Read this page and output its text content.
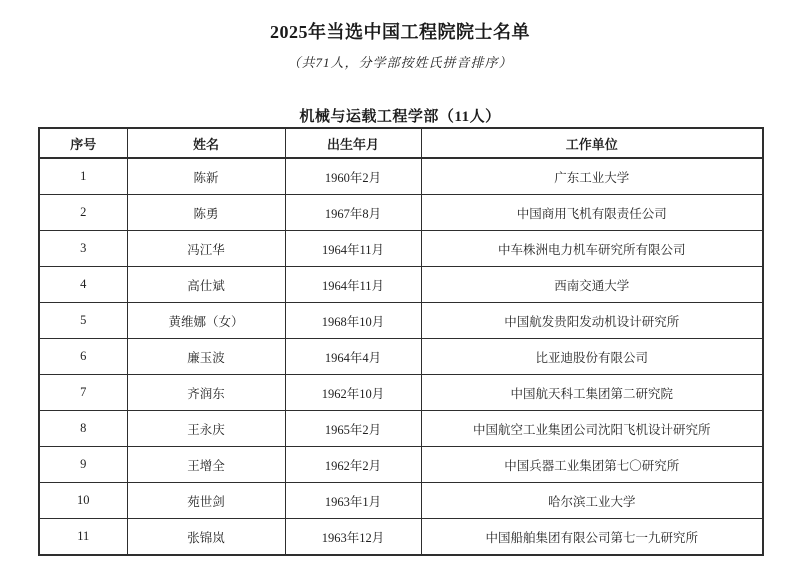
2025年当选中国工程院院士名单

（共71人，分学部按姓氏拼音排序）

机械与运载工程学部（11人）
序号	姓名	出生年月	工作单位
1	陈新	1960年2月	广东工业大学
2	陈勇	1967年8月	中国商用飞机有限责任公司
3	冯江华	1964年11月	中车株洲电力机车研究所有限公司
4	高仕斌	1964年11月	西南交通大学
5	黄维娜（女）	1968年10月	中国航发贵阳发动机设计研究所
6	廉玉波	1964年4月	比亚迪股份有限公司
7	齐润东	1962年10月	中国航天科工集团第二研究院
8	王永庆	1965年2月	中国航空工业集团公司沈阳飞机设计研究所
9	王增全	1962年2月	中国兵器工业集团第七〇研究所
10	苑世剑	1963年1月	哈尔滨工业大学
11	张锦岚	1963年12月	中国船舶集团有限公司第七一九研究所
